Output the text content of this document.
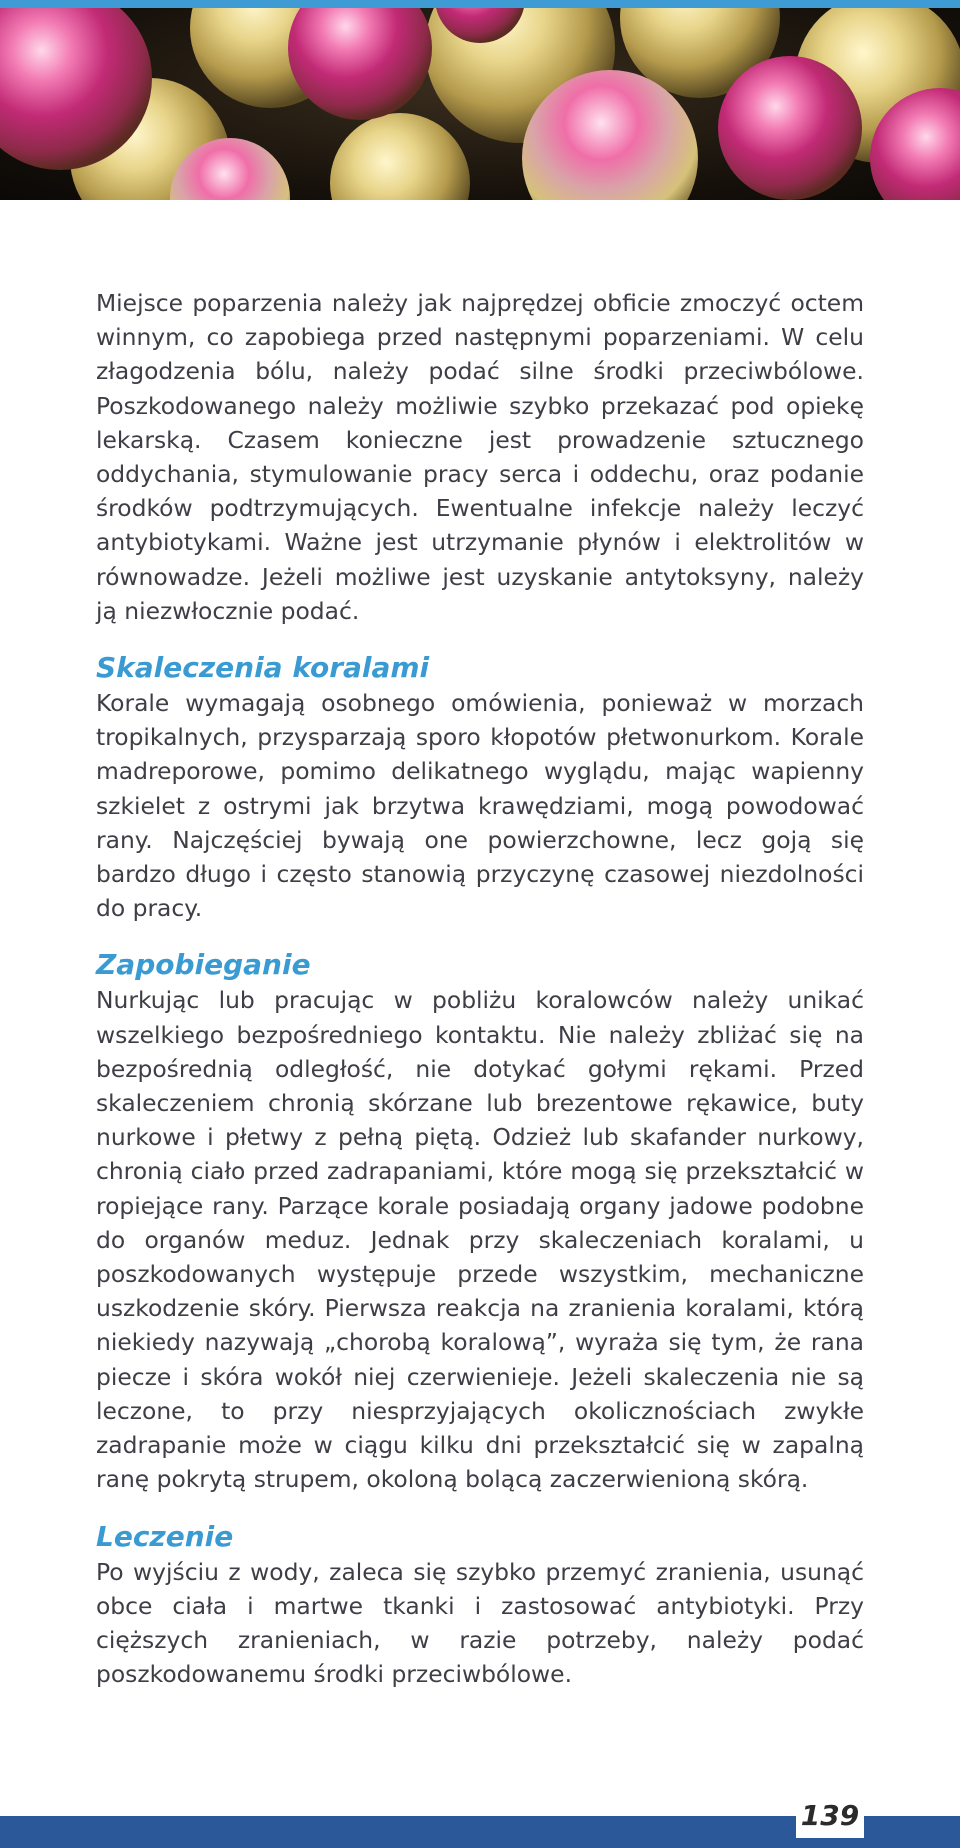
Miejsce poparzenia należy jak najprędzej obficie zmoczyć octem winnym, co zapobiega przed następnymi poparzeniami. W celu złagodzenia bólu, należy podać silne środki przeciwbólowe. Poszkodowanego należy możliwie szybko przekazać pod opiekę lekarską. Czasem konieczne jest prowadzenie sztucznego oddychania, stymulowanie pracy serca i oddechu, oraz podanie środków podtrzymujących. Ewentualne infekcje należy leczyć antybiotykami. Ważne jest utrzymanie płynów i elektrolitów w równowadze. Jeżeli możliwe jest uzyskanie antytoksyny, należy ją niezwłocznie podać.

Skaleczenia koralami

Korale wymagają osobnego omówienia, ponieważ w morzach tropikalnych, przysparzają sporo kłopotów płetwonurkom. Korale madreporowe, pomimo delikatnego wyglądu, mając wapienny szkielet z ostrymi jak brzytwa krawędziami, mogą powodować rany. Najczęściej bywają one powierzchowne, lecz goją się bardzo długo i często stanowią przyczynę czasowej niezdolności do pracy.

Zapobieganie

Nurkując lub pracując w pobliżu koralowców należy unikać wszelkiego bezpośredniego kontaktu. Nie należy zbliżać się na bezpośrednią odległość, nie dotykać gołymi rękami. Przed skaleczeniem chronią skórzane lub brezentowe rękawice, buty nurkowe i płetwy z pełną piętą. Odzież lub skafander nurkowy, chronią ciało przed zadrapaniami, które mogą się przekształcić w ropiejące rany. Parzące korale posiadają organy jadowe podobne do organów meduz. Jednak przy skaleczeniach koralami, u poszkodowanych występuje przede wszystkim, mechaniczne uszkodzenie skóry. Pierwsza reakcja na zranienia koralami, którą niekiedy nazywają „chorobą koralową”, wyraża się tym, że rana piecze i skóra wokół niej czerwienieje. Jeżeli skaleczenia nie są leczone, to przy niesprzyjających okolicznościach zwykłe zadrapanie może w ciągu kilku dni przekształcić się w zapalną ranę pokrytą strupem, okoloną bolącą zaczerwienioną skórą.

Leczenie

Po wyjściu z wody, zaleca się szybko przemyć zranienia, usunąć obce ciała i martwe tkanki i zastosować antybiotyki. Przy cięższych zranieniach, w razie potrzeby, należy podać poszkodowanemu środki przeciwbólowe.

139
